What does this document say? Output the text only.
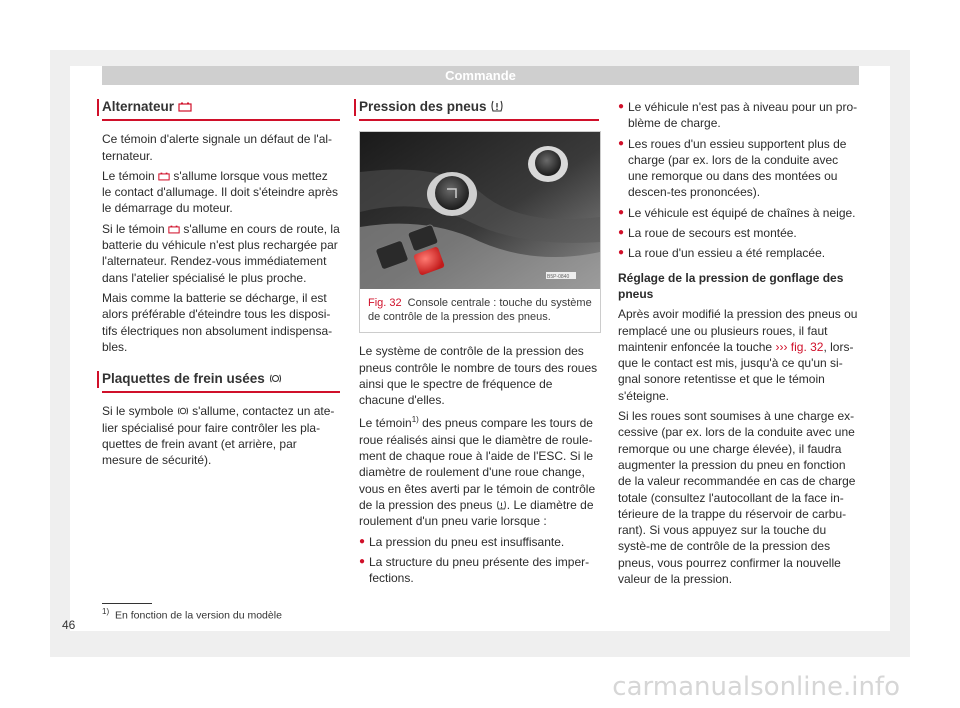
Commande
Alternateur

Ce témoin d'alerte signale un défaut de l'al-ternateur.

Le témoin s'allume lorsque vous mettez le contact d'allumage. Il doit s'éteindre après le démarrage du moteur.

Si le témoin s'allume en cours de route, la batterie du véhicule n'est plus rechargée par l'alternateur. Rendez-vous immédiatement dans l'atelier spécialisé le plus proche.

Mais comme la batterie se décharge, il est alors préférable d'éteindre tous les disposi-tifs électriques non absolument indispensa-bles.

Plaquettes de frein usées

Si le symbole s'allume, contactez un ate-lier spécialisé pour faire contrôler les pla-quettes de frein avant (et arrière, par mesure de sécurité).

Pression des pneus
B5P-0840
Fig. 32 Console centrale : touche du système de contrôle de la pression des pneus.

Le système de contrôle de la pression des pneus contrôle le nombre de tours des roues ainsi que le spectre de fréquence de chacune d'elles.

Le témoin$^{1)}$ des pneus compare les tours de roue réalisés ainsi que le diamètre de roule-ment de chaque roue à l'aide de l'ESC. Si le diamètre de roulement d'une roue change, vous en êtes averti par le témoin de contrôle de la pression des pneus . Le diamètre de roulement d'un pneu varie lorsque :

● La pression du pneu est insuffisante.

● La structure du pneu présente des imper-fections.

● Le véhicule n'est pas à niveau pour un pro-blème de charge.

● Les roues d'un essieu supportent plus de charge (par ex. lors de la conduite avec une remorque ou dans des montées ou descen-tes prononcées).

● Le véhicule est équipé de chaînes à neige.

● La roue de secours est montée.

● La roue d'un essieu a été remplacée.

Réglage de la pression de gonflage des pneus

Après avoir modifié la pression des pneus ou remplacé une ou plusieurs roues, il faut maintenir enfoncée la touche ››› fig. 32, lors-que le contact est mis, jusqu'à ce qu'un si-gnal sonore retentisse et que le témoin s'éteigne.

Si les roues sont soumises à une charge ex-cessive (par ex. lors de la conduite avec une remorque ou une charge élevée), il faudra augmenter la pression du pneu en fonction de la valeur recommandée en cas de charge totale (consultez l'autocollant de la face in-térieure de la trappe du réservoir de carbu-rant). Si vous appuyez sur la touche du systè-me de contrôle de la pression des pneus, vous pourrez confirmer la nouvelle valeur de la pression.

$^{1)}$ En fonction de la version du modèle
46
carmanualsonline.info
